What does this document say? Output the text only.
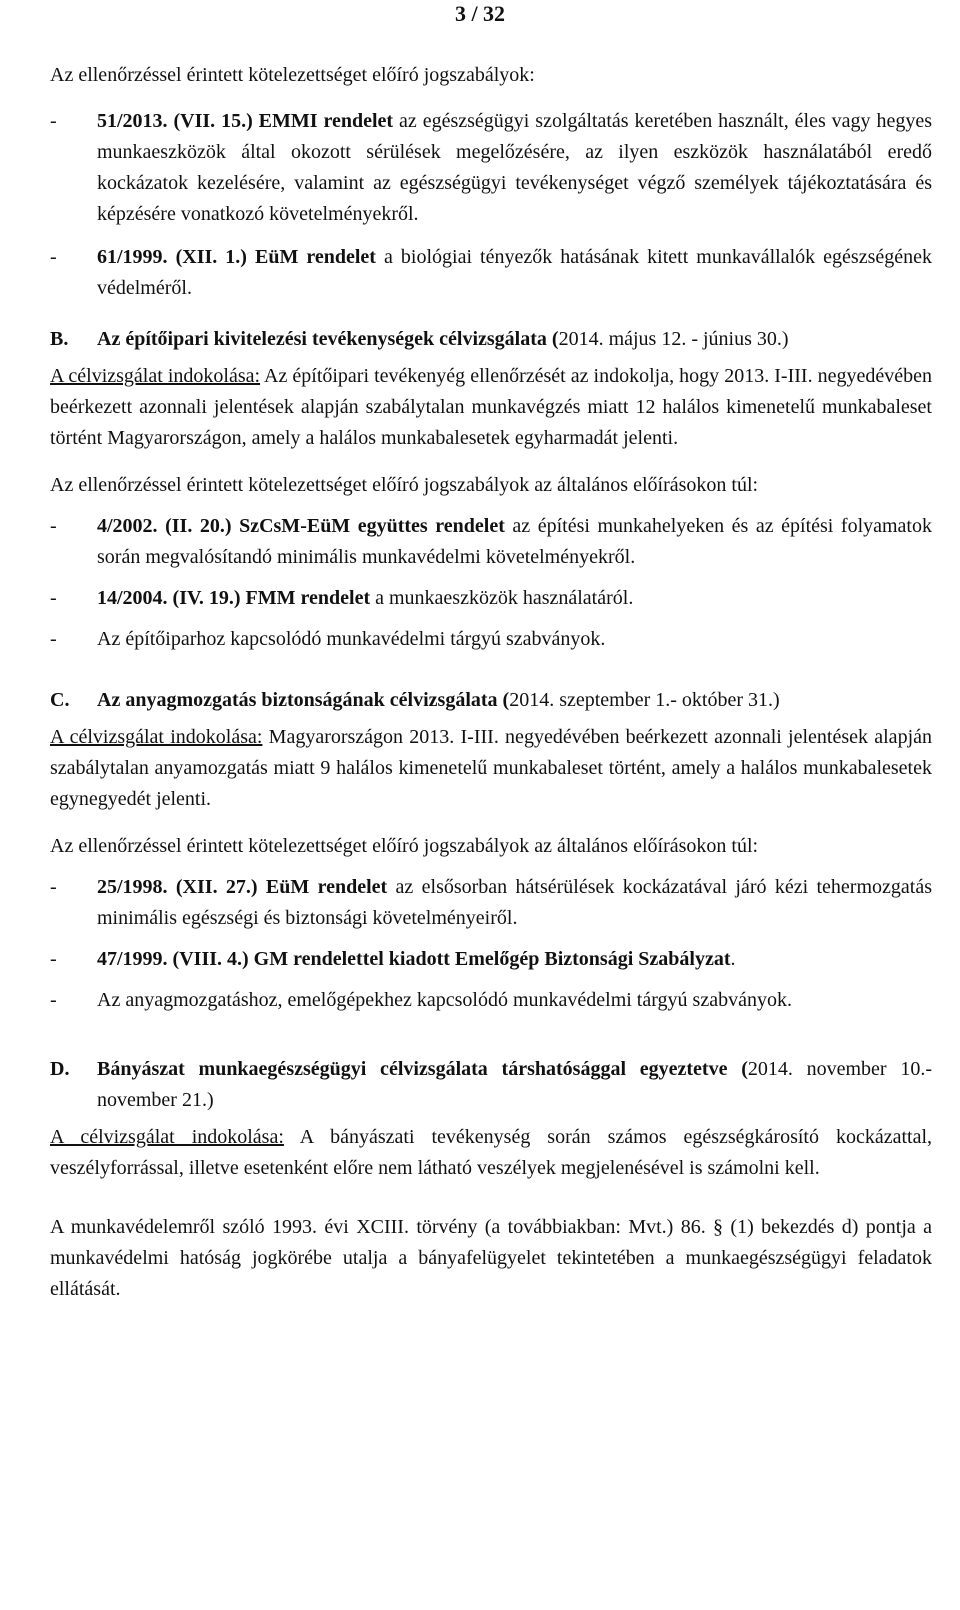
3 / 32

Az ellenőrzéssel érintett kötelezettséget előíró jogszabályok:

- 51/2013. (VII. 15.) EMMI rendelet az egészségügyi szolgáltatás keretében használt, éles vagy hegyes munkaeszközök által okozott sérülések megelőzésére, az ilyen eszközök használatából eredő kockázatok kezelésére, valamint az egészségügyi tevékenységet végző személyek tájékoztatására és képzésére vonatkozó követelményekről.
- 61/1999. (XII. 1.) EüM rendelet a biológiai tényezők hatásának kitett munkavállalók egészségének védelméről.
B. Az építőipari kivitelezési tevékenységek célvizsgálata (2014. május 12. - június 30.)

A célvizsgálat indokolása: Az építőipari tevékenyég ellenőrzését az indokolja, hogy 2013. I-III. negyedévében beérkezett azonnali jelentések alapján szabálytalan munkavégzés miatt 12 halálos kimenetelű munkabaleset történt Magyarországon, amely a halálos munkabalesetek egyharmadát jelenti.

Az ellenőrzéssel érintett kötelezettséget előíró jogszabályok az általános előírásokon túl:

- 4/2002. (II. 20.) SzCsM-EüM együttes rendelet az építési munkahelyeken és az építési folyamatok során megvalósítandó minimális munkavédelmi követelményekről.
- 14/2004. (IV. 19.) FMM rendelet a munkaeszközök használatáról.
- Az építőiparhoz kapcsolódó munkavédelmi tárgyú szabványok.
C. Az anyagmozgatás biztonságának célvizsgálata (2014. szeptember 1.- október 31.)

A célvizsgálat indokolása: Magyarországon 2013. I-III. negyedévében beérkezett azonnali jelentések alapján szabálytalan anyamozgatás miatt 9 halálos kimenetelű munkabaleset történt, amely a halálos munkabalesetek egynegyedét jelenti.

Az ellenőrzéssel érintett kötelezettséget előíró jogszabályok az általános előírásokon túl:

- 25/1998. (XII. 27.) EüM rendelet az elsősorban hátsérülések kockázatával járó kézi tehermozgatás minimális egészségi és biztonsági követelményeiről.
- 47/1999. (VIII. 4.) GM rendelettel kiadott Emelőgép Biztonsági Szabályzat.
- Az anyagmozgatáshoz, emelőgépekhez kapcsolódó munkavédelmi tárgyú szabványok.
D. Bányászat munkaegészségügyi célvizsgálata társhatósággal egyeztetve (2014. november 10.- november 21.)

A célvizsgálat indokolása: A bányászati tevékenység során számos egészségkárosító kockázattal, veszélyforrással, illetve esetenként előre nem látható veszélyek megjelenésével is számolni kell.

A munkavédelemről szóló 1993. évi XCIII. törvény (a továbbiakban: Mvt.) 86. § (1) bekezdés d) pontja a munkavédelmi hatóság jogkörébe utalja a bányafelügyelet tekintetében a munkaegészségügyi feladatok ellátását.
